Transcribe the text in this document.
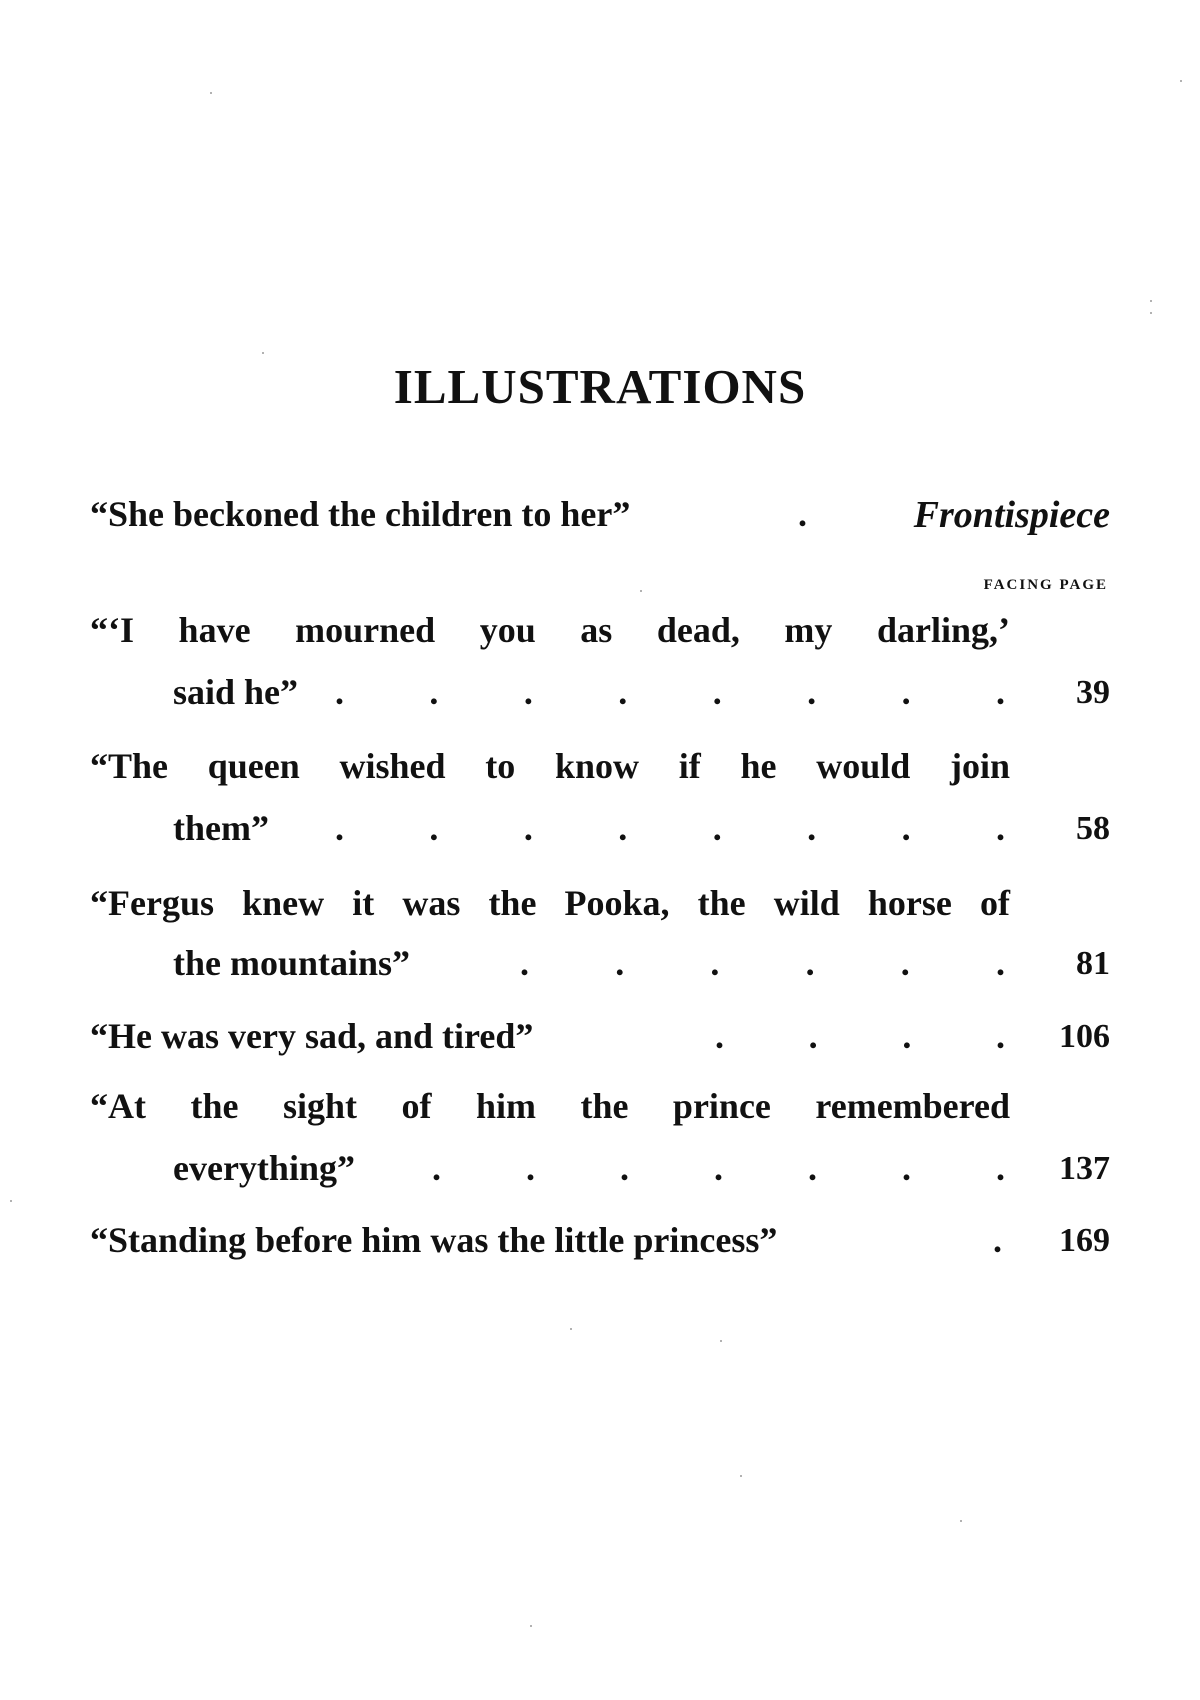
ILLUSTRATIONS
“She beckoned the children to her”	.	Frontispiece
FACING PAGE
“‘I have mourned you as dead, my darling,’
said he” . . . . . . . . 39
“The queen wished to know if he would join
them” . . . . . . . . 58
“Fergus knew it was the Pooka, the wild horse of
the mountains”	. . . . . . 81
“He was very sad, and tired”	. . . . 106
“At the sight of him the prince remembered
everything” . . . . . . . 137
“Standing before him was the little princess”	. 169
